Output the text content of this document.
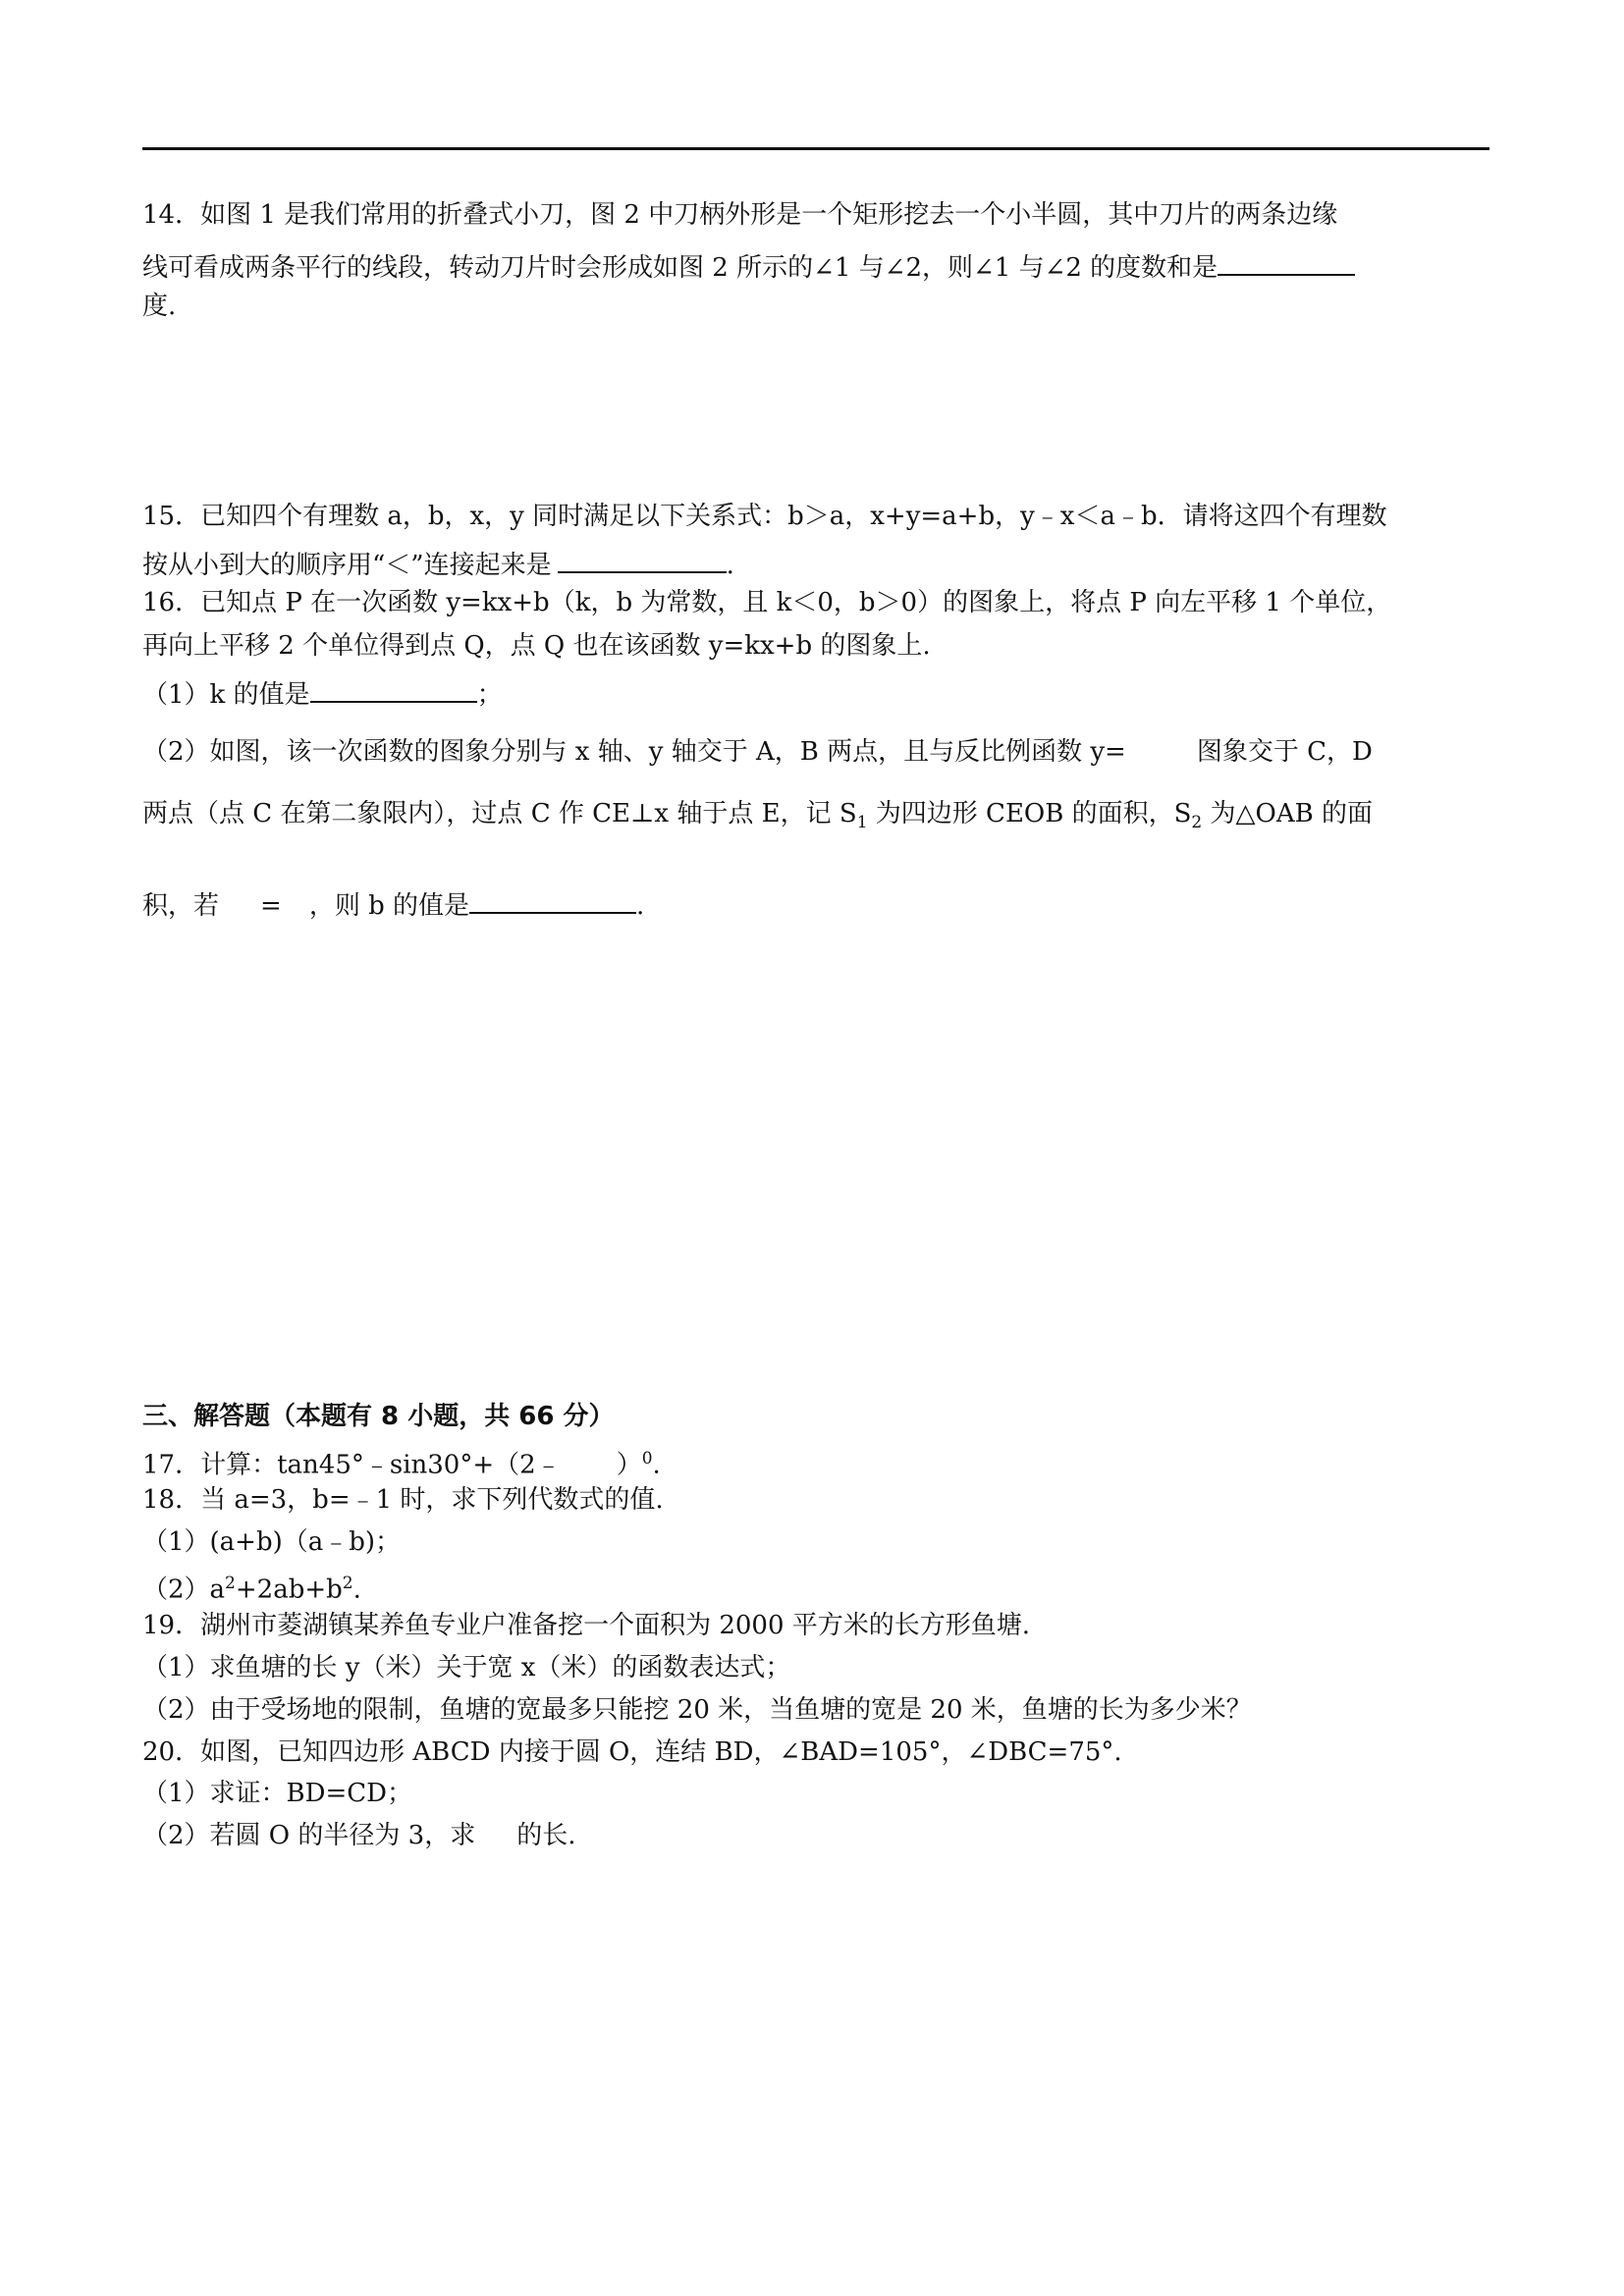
14．如图 1 是我们常用的折叠式小刀，图 2 中刀柄外形是一个矩形挖去一个小半圆，其中刀片的两条边缘
线可看成两条平行的线段，转动刀片时会形成如图 2 所示的∠1 与∠2，则∠1 与∠2 的度数和是
度.
15．已知四个有理数 a，b，x，y 同时满足以下关系式：b＞a，x+y=a+b，y﹣x＜a﹣b．请将这四个有理数
按从小到大的顺序用“＜”连接起来是	.
16．已知点 P 在一次函数 y=kx+b（k，b 为常数，且 k＜0，b＞0）的图象上，将点 P 向左平移 1 个单位，
再向上平移 2 个单位得到点 Q，点 Q 也在该函数 y=kx+b 的图象上.
（1）k 的值是	；
（2）如图，该一次函数的图象分别与 x 轴、y 轴交于 A，B 两点，且与反比例函数 y=	图象交于 C，D
两点（点 C 在第二象限内），过点 C 作 CE⊥x 轴于点 E，记 $S_1$ 为四边形 CEOB 的面积，$S_2$ 为△OAB 的面
积，若 = ，则 b 的值是	.
三、解答题（本题有 8 小题，共 66 分）
17．计算：tan45°﹣sin30°+（2﹣ ）$^0$.
18．当 a=3，b=﹣1 时，求下列代数式的值.
（1）(a+b)（a﹣b)；
$(2)a^2+2ab+b^2$.
19．湖州市菱湖镇某养鱼专业户准备挖一个面积为 2000 平方米的长方形鱼塘.
（1）求鱼塘的长 y（米）关于宽 x（米）的函数表达式；
（2）由于受场地的限制，鱼塘的宽最多只能挖 20 米，当鱼塘的宽是 20 米，鱼塘的长为多少米？
20．如图，已知四边形 ABCD 内接于圆 O，连结 BD，∠BAD=105°，∠DBC=75°.
（1）求证：BD=CD；
（2）若圆 O 的半径为 3，求 的长.
